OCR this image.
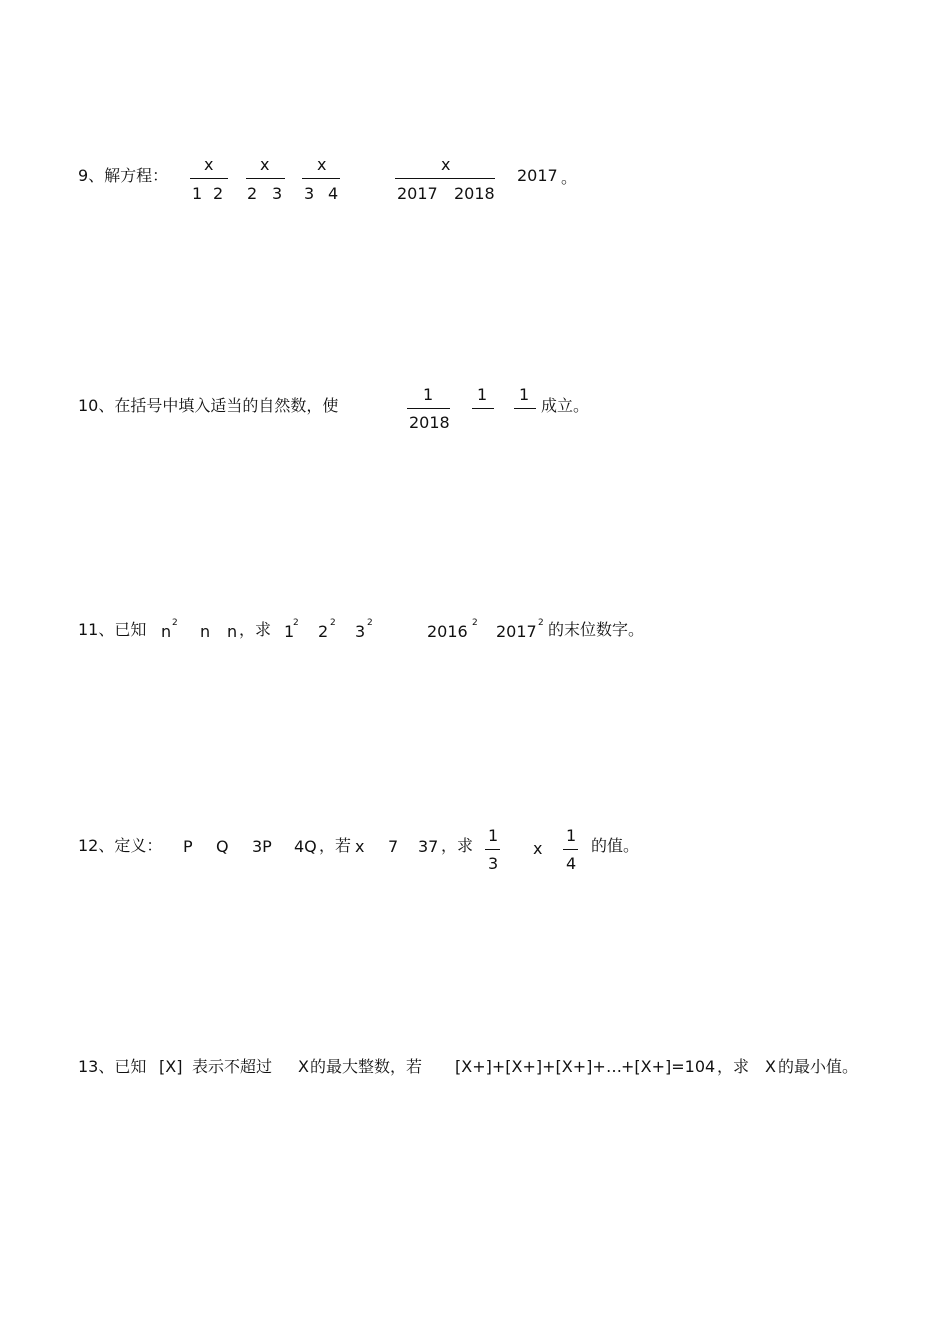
9、解方程：
x
1 2
x
2 3
x
3 4
x
2017 2018
2017 。
10、在括号中填入适当的自然数，使
1
2018
1 1
成立。
11、已知 n 2 n n ，求 1
2 2 2 3 2	2016 2 2017 2 的末位数字。
12、定义： P Q 3P 4Q ，若 x 7 37 ，求
1
3
x
1
4
的值。
13、已知 [X] 表示不超过 X 的最大整数，若 [X+]+[X+]+[X+]+ … +[X+]=104 ，求 X 的最小值。
